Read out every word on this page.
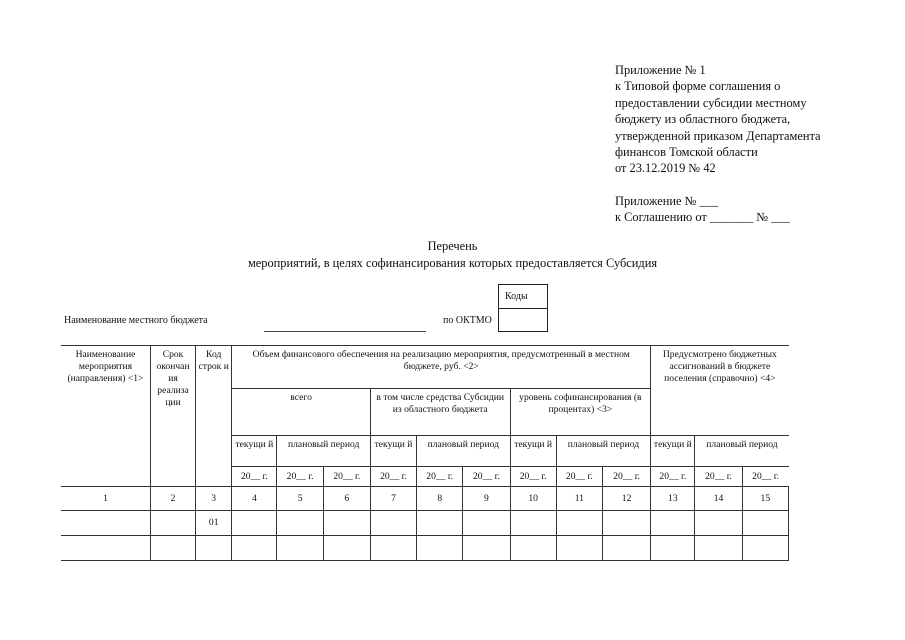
Приложение № 1
к Типовой форме соглашения о
предоставлении субсидии местному
бюджету из областного бюджета,
утвержденной приказом Департамента
финансов Томской области
от 23.12.2019 № 42
Приложение № ___
к Соглашению от _______ № ___
Перечень
мероприятий, в целях софинансирования которых предоставляется Субсидия
Коды
Наименование местного бюджета	по ОКТМО
Наименование мероприятия (направления) <1>	Срок окончан ия реализа ции	Код строк и	Объем финансового обеспечения на реализацию мероприятия, предусмотренный в местном бюджете, руб. <2>									Предусмотрено бюджетных ассигнований в бюджете поселения (справочно) <4>		
			всего			в том числе средства Субсидии из областного бюджета			уровень софинансирования (в процентах) <3>					
			текущи й	плановый период		текущи й	плановый период		текущи й	плановый период		текущи й	плановый период	
			20__ г.	20__ г.	20__ г.	20__ г.	20__ г.	20__ г.	20__ г.	20__ г.	20__ г.	20__ г.	20__ г.	20__ г.
1	2	3	4	5	6	7	8	9	10	11	12	13	14	15
		01												
